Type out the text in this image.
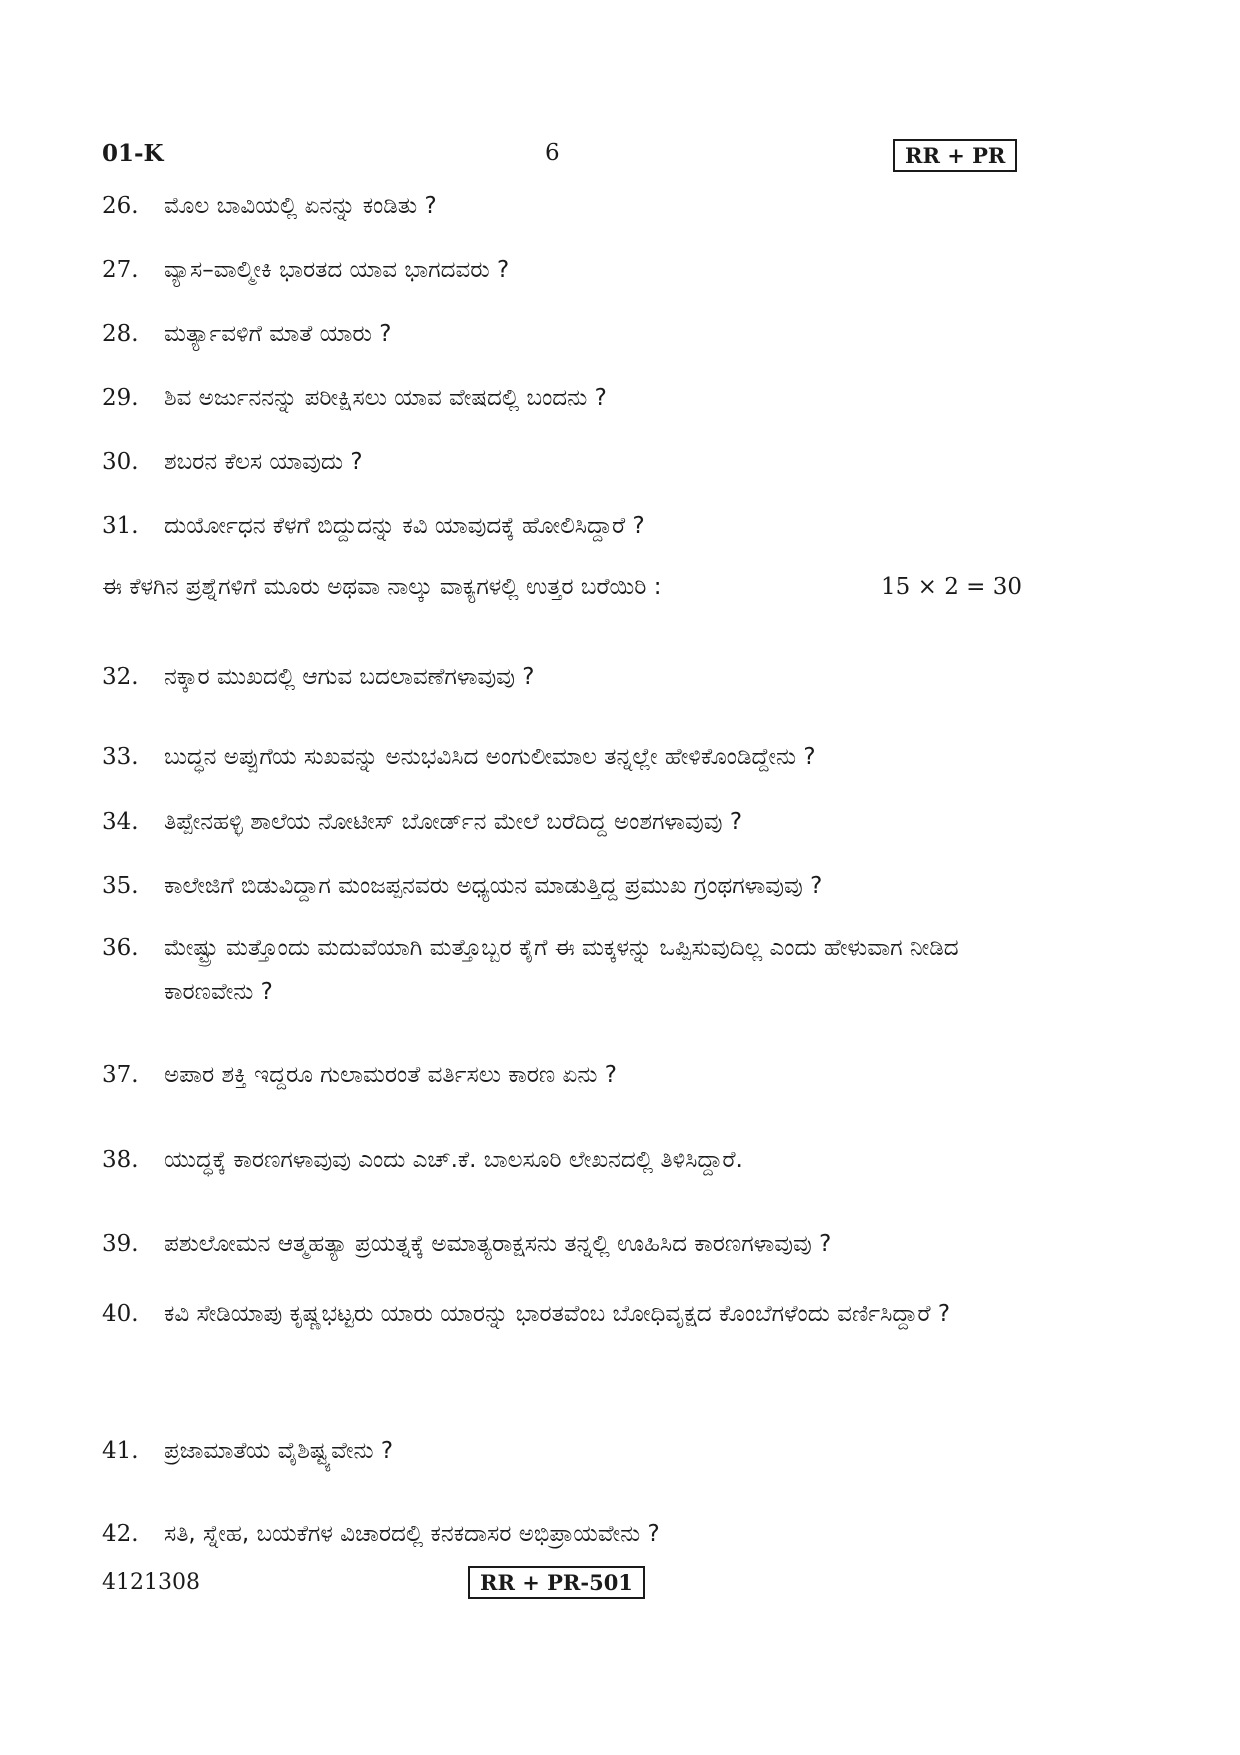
01-K	6	RR + PR
26. ಮೊಲ ಬಾವಿಯಲ್ಲಿ ಏನನ್ನು ಕಂಡಿತು ?
27. ವ್ಯಾಸ–ವಾಲ್ಮೀಕಿ ಭಾರತದ ಯಾವ ಭಾಗದವರು ?
28. ಮರ್ತ್ಯಾವಳಿಗೆ ಮಾತೆ ಯಾರು ?
29. ಶಿವ ಅರ್ಜುನನನ್ನು ಪರೀಕ್ಷಿಸಲು ಯಾವ ವೇಷದಲ್ಲಿ ಬಂದನು ?
30. ಶಬರನ ಕೆಲಸ ಯಾವುದು ?
31. ದುರ್ಯೋಧನ ಕೆಳಗೆ ಬಿದ್ದುದನ್ನು ಕವಿ ಯಾವುದಕ್ಕೆ ಹೋಲಿಸಿದ್ದಾರೆ ?
ಈ ಕೆಳಗಿನ ಪ್ರಶ್ನೆಗಳಿಗೆ ಮೂರು ಅಥವಾ ನಾಲ್ಕು ವಾಕ್ಯಗಳಲ್ಲಿ ಉತ್ತರ ಬರೆಯಿರಿ :	15 × 2 = 30
32. ನಕ್ಕಾರ ಮುಖದಲ್ಲಿ ಆಗುವ ಬದಲಾವಣೆಗಳಾವುವು ?
33. ಬುದ್ಧನ ಅಪ್ಪುಗೆಯ ಸುಖವನ್ನು ಅನುಭವಿಸಿದ ಅಂಗುಲೀಮಾಲ ತನ್ನಲ್ಲೇ ಹೇಳಿಕೊಂಡಿದ್ದೇನು ?
34. ತಿಪ್ಪೇನಹಳ್ಳಿ ಶಾಲೆಯ ನೋಟೀಸ್ ಬೋರ್ಡ್‌ನ ಮೇಲೆ ಬರೆದಿದ್ದ ಅಂಶಗಳಾವುವು ?
35. ಕಾಲೇಜಿಗೆ ಬಿಡುವಿದ್ದಾಗ ಮಂಜಪ್ಪನವರು ಅಧ್ಯಯನ ಮಾಡುತ್ತಿದ್ದ ಪ್ರಮುಖ ಗ್ರಂಥಗಳಾವುವು ?
36. ಮೇಷ್ಟ್ರು ಮತ್ತೊಂದು ಮದುವೆಯಾಗಿ ಮತ್ತೊಬ್ಬರ ಕೈಗೆ ಈ ಮಕ್ಕಳನ್ನು ಒಪ್ಪಿಸುವುದಿಲ್ಲ ಎಂದು ಹೇಳುವಾಗ ನೀಡಿದ ಕಾರಣವೇನು ?
37. ಅಪಾರ ಶಕ್ತಿ ಇದ್ದರೂ ಗುಲಾಮರಂತೆ ವರ್ತಿಸಲು ಕಾರಣ ಏನು ?
38. ಯುದ್ಧಕ್ಕೆ ಕಾರಣಗಳಾವುವು ಎಂದು ಎಚ್.ಕೆ. ಬಾಲಸೂರಿ ಲೇಖನದಲ್ಲಿ ತಿಳಿಸಿದ್ದಾರೆ.
39. ಪಶುಲೋಮನ ಆತ್ಮಹತ್ಯಾ ಪ್ರಯತ್ನಕ್ಕೆ ಅಮಾತ್ಯರಾಕ್ಷಸನು ತನ್ನಲ್ಲಿ ಊಹಿಸಿದ ಕಾರಣಗಳಾವುವು ?
40. ಕವಿ ಸೇಡಿಯಾಪು ಕೃಷ್ಣಭಟ್ಟರು ಯಾರು ಯಾರನ್ನು ಭಾರತವೆಂಬ ಬೋಧಿವೃಕ್ಷದ ಕೊಂಬೆಗಳೆಂದು ವರ್ಣಿಸಿದ್ದಾರೆ ?
41. ಪ್ರಜಾಮಾತೆಯ ವೈಶಿಷ್ಟ್ಯವೇನು ?
42. ಸತಿ, ಸ್ನೇಹ, ಬಯಕೆಗಳ ವಿಚಾರದಲ್ಲಿ ಕನಕದಾಸರ ಅಭಿಪ್ರಾಯವೇನು ?
4121308	RR + PR-501
